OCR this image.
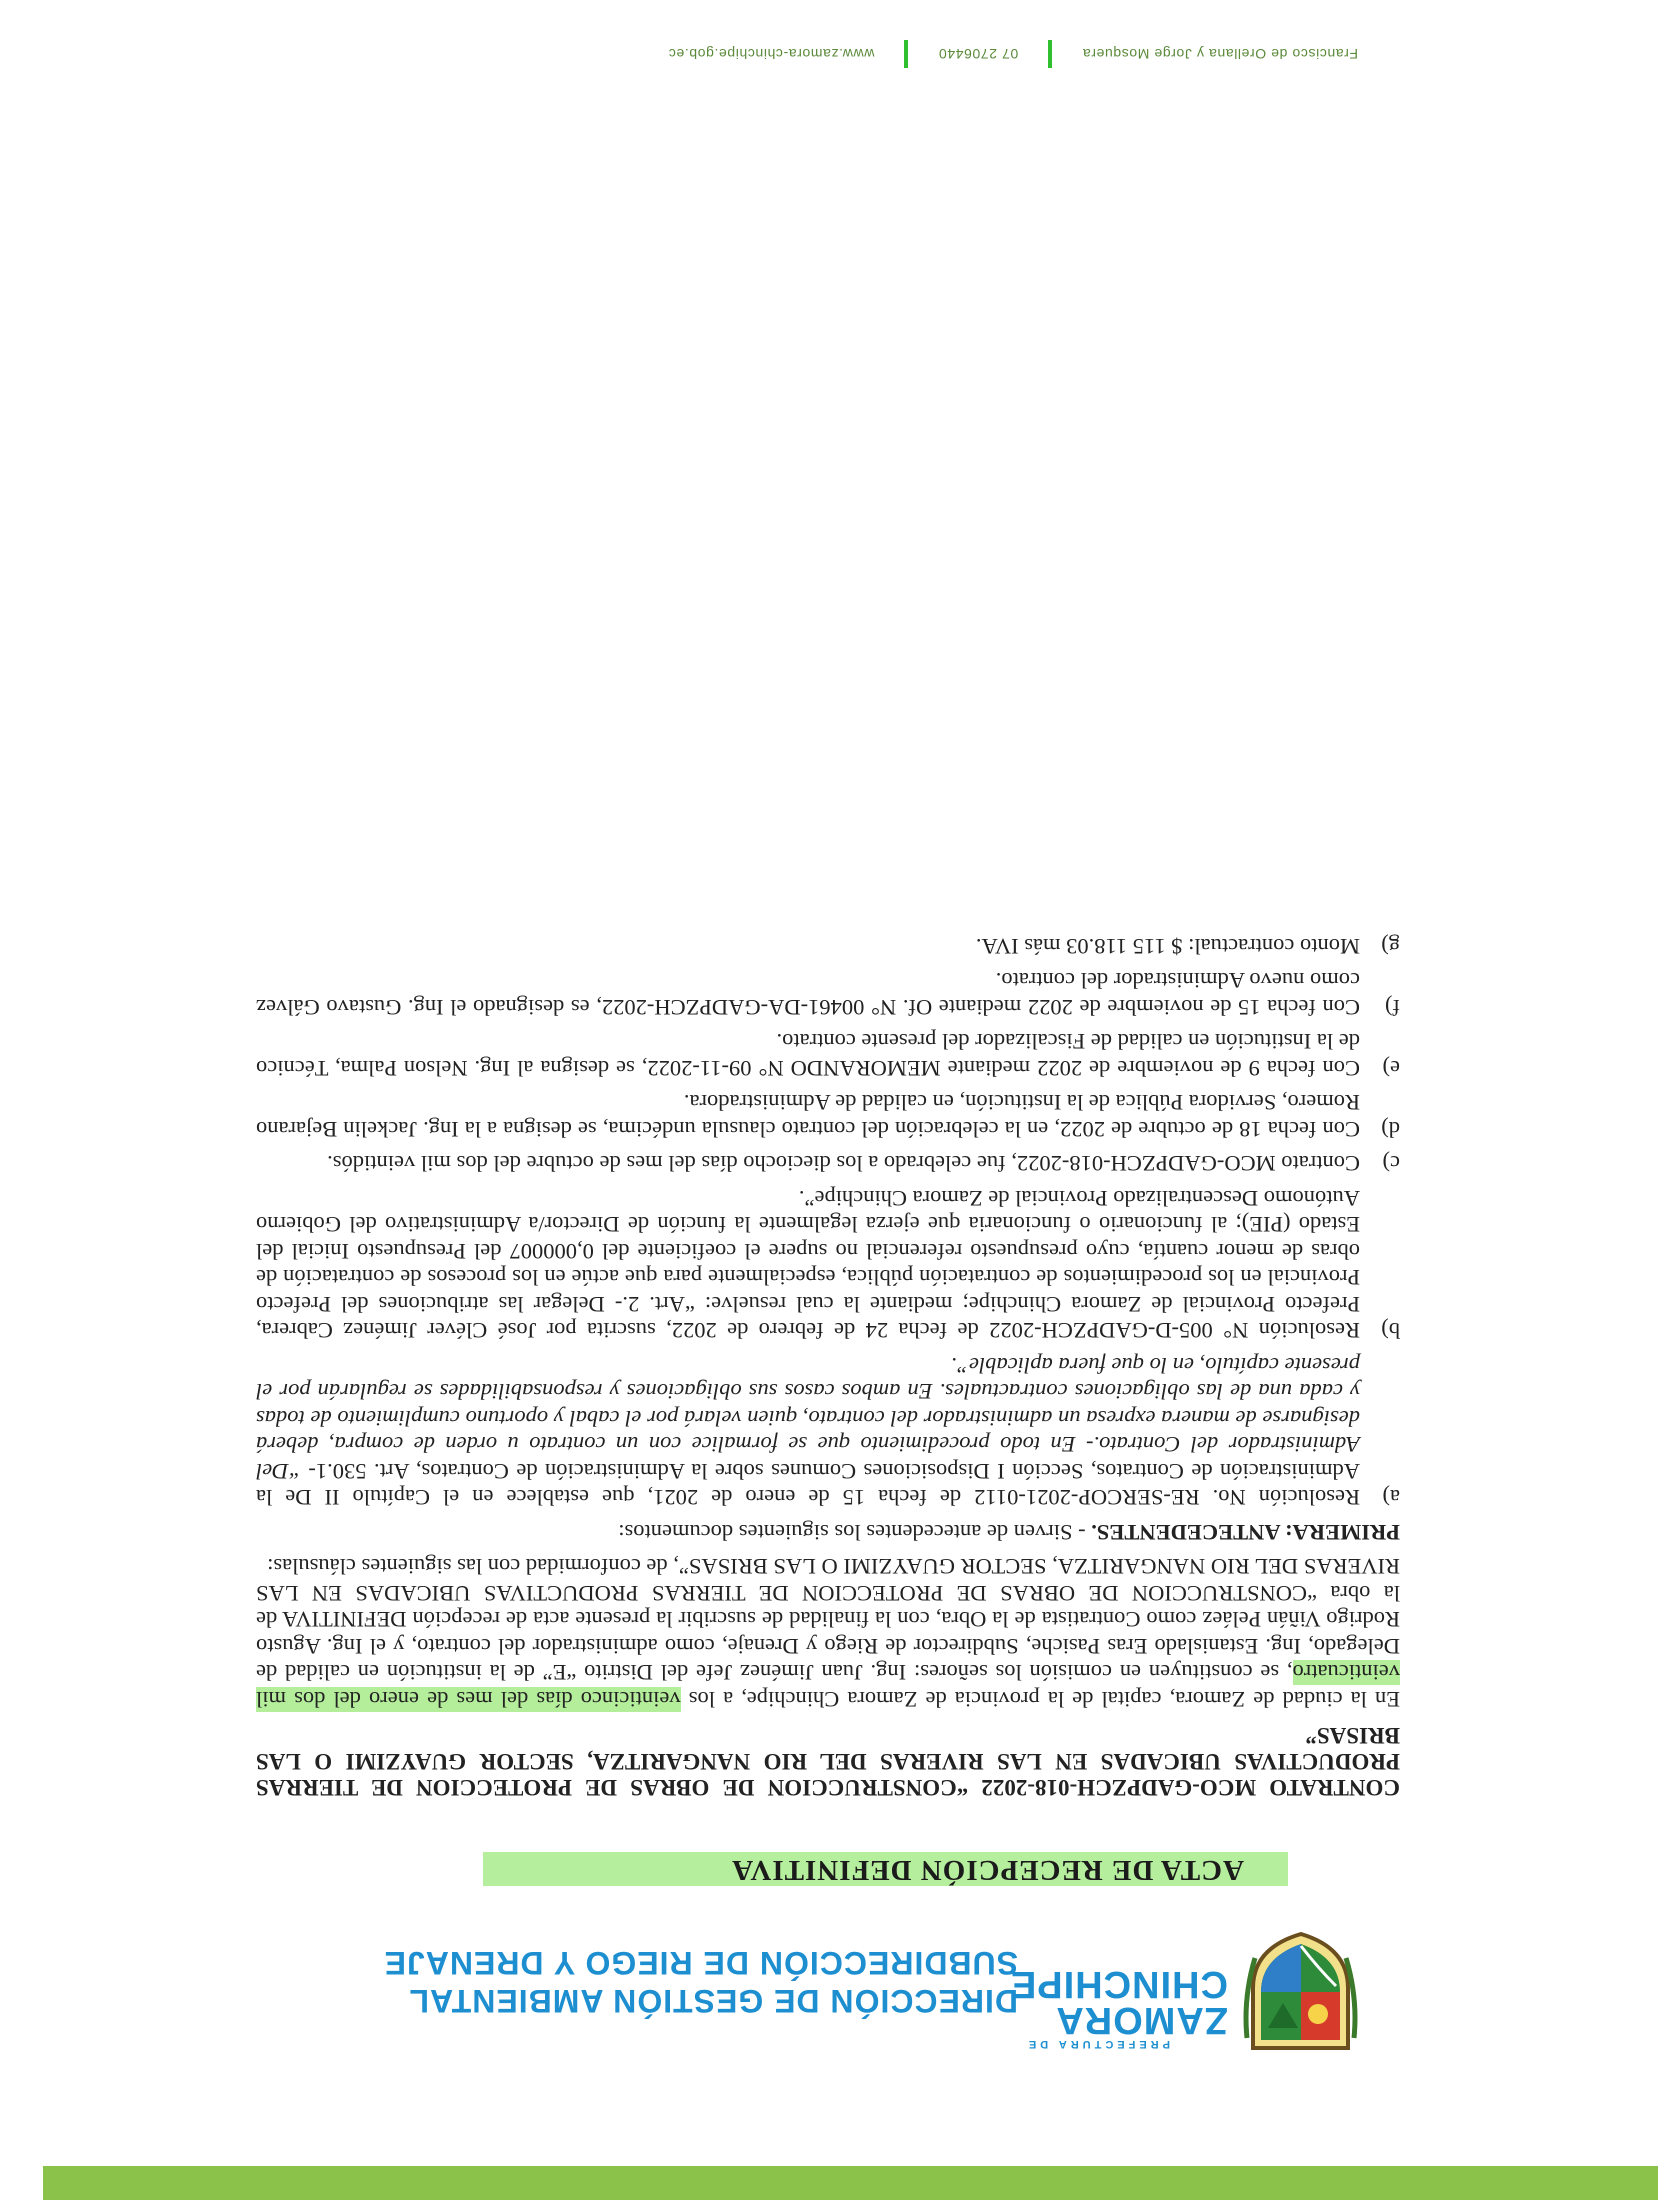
PREFECTURA DE
ZAMORA
CHINCHIPE
DIRECCIÓN DE GESTIÓN AMBIENTAL
SUBDIRECCIÓN DE RIEGO Y DRENAJE
ACTA DE RECEPCIÓN DEFINITIVA
CONTRATO MCO-GADPZCH-018-2022 “CONSTRUCCION DE OBRAS DE PROTECCION DE TIERRAS PRODUCTIVAS UBICADAS EN LAS RIVERAS DEL RIO NANGARITZA, SECTOR GUAYZIMI O LAS BRISAS”

En la ciudad de Zamora, capital de la provincia de Zamora Chinchipe, a los veinticinco días del mes de enero del dos mil veinticuatro, se constituyen en comisión los señores: Ing. Juan Jiménez Jefe del Distrito “E” de la institución en calidad de Delegado, Ing. Estanislado Eras Pasiche, Subdirector de Riego y Drenaje, como administrador del contrato, y el Ing. Agusto Rodrigo Viñán Peláez como Contratista de la Obra, con la finalidad de suscribir la presente acta de recepción DEFINITIVA de la obra “CONSTRUCCION DE OBRAS DE PROTECCION DE TIERRAS PRODUCTIVAS UBICADAS EN LAS RIVERAS DEL RIO NANGARITZA, SECTOR GUAYZIMI O LAS BRISAS”, de conformidad con las siguientes cláusulas:

PRIMERA: ANTECEDENTES. - Sirven de antecedentes los siguientes documentos:

a)
Resolución No. RE-SERCOP-2021-0112 de fecha 15 de enero de 2021, que establece en el Capítulo II De la Administración de Contratos, Sección I Disposiciones Comunes sobre la Administración de Contratos, Art. 530.1- “Del Administrador del Contrato.- En todo procedimiento que se formalice con un contrato u orden de compra, deberá designarse de manera expresa un administrador del contrato, quien velará por el cabal y oportuno cumplimiento de todas y cada una de las obligaciones contractuales. En ambos casos sus obligaciones y responsabilidades se regularán por el presente capítulo, en lo que fuera aplicable”.
b)
Resolución N° 005-D-GADPZCH-2022 de fecha 24 de febrero de 2022, suscrita por José Cléver Jiménez Cabrera, Prefecto Provincial de Zamora Chinchipe; mediante la cual resuelve: “Art. 2.- Delegar las atribuciones del Prefecto Provincial en los procedimientos de contratación pública, especialmente para que actúe en los procesos de contratación de obras de menor cuantía, cuyo presupuesto referencial no supere el coeficiente del 0,000007 del Presupuesto Inicial del Estado (PIE); al funcionario o funcionaria que ejerza legalmente la función de Director/a Administrativo del Gobierno Autónomo Descentralizado Provincial de Zamora Chinchipe”.
c)
Contrato MCO-GADPZCH-018-2022, fue celebrado a los dieciocho días del mes de octubre del dos mil veintidós.
d)
Con fecha 18 de octubre de 2022, en la celebración del contrato clausula undécima, se designa a la Ing. Jackelin Bejarano Romero, Servidora Pública de la Institución, en calidad de Administradora.
e)
Con fecha 9 de noviembre de 2022 mediante MEMORANDO N° 09-11-2022, se designa al Ing. Nelson Palma, Técnico de la Institución en calidad de Fiscalizador del presente contrato.
f)
Con fecha 15 de noviembre de 2022 mediante Of. N° 00461-DA-GADPZCH-2022, es designado el Ing. Gustavo Gálvez como nuevo Administrador del contrato.
g)
Monto contractual: $ 115 118.03 más IVA.
Francisco de Orellana y Jorge Mosquera
07 2706440
www.zamora-chinchipe.gob.ec
